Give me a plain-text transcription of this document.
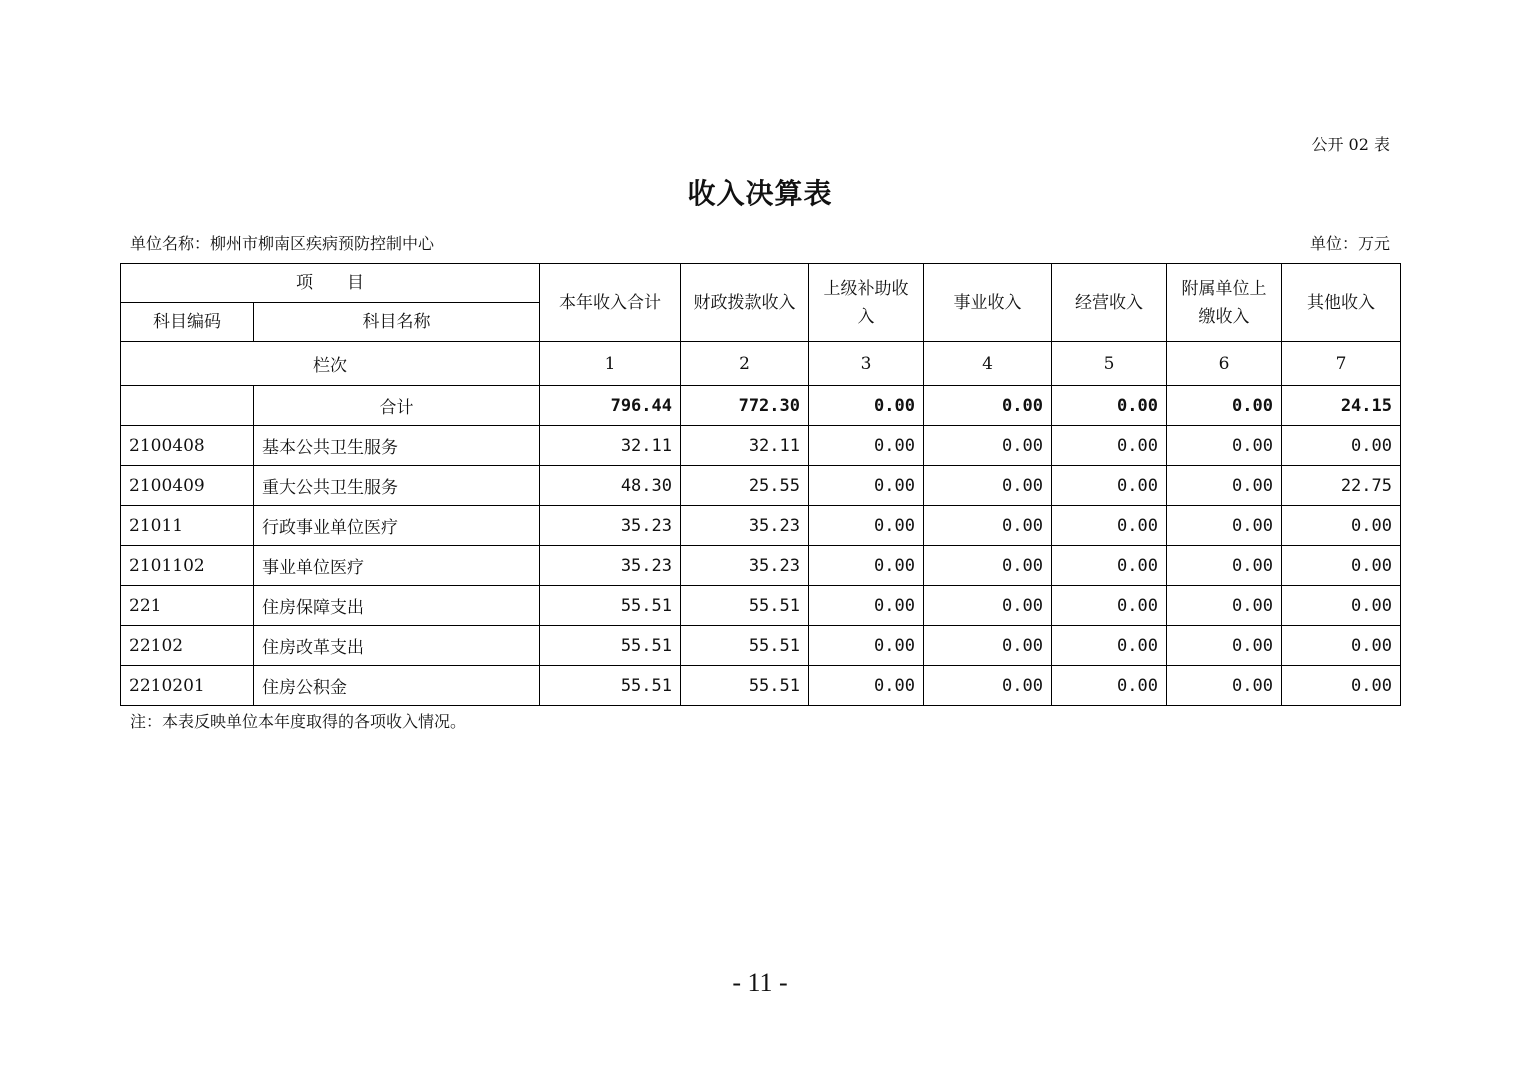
公开 02 表
收入决算表
单位名称：柳州市柳南区疾病预防控制中心	单位：万元
项　　目		本年收入合计	财政拨款收入	上级补助收入	事业收入	经营收入	附属单位上缴收入	其他收入
科目编码	科目名称							
栏次		1	2	3	4	5	6	7
	合计	796.44	772.30	0.00	0.00	0.00	0.00	24.15
2100408	基本公共卫生服务	32.11	32.11	0.00	0.00	0.00	0.00	0.00
2100409	重大公共卫生服务	48.30	25.55	0.00	0.00	0.00	0.00	22.75
21011	行政事业单位医疗	35.23	35.23	0.00	0.00	0.00	0.00	0.00
2101102	事业单位医疗	35.23	35.23	0.00	0.00	0.00	0.00	0.00
221	住房保障支出	55.51	55.51	0.00	0.00	0.00	0.00	0.00
22102	住房改革支出	55.51	55.51	0.00	0.00	0.00	0.00	0.00
2210201	住房公积金	55.51	55.51	0.00	0.00	0.00	0.00	0.00
注：本表反映单位本年度取得的各项收入情况。
- 11 -
